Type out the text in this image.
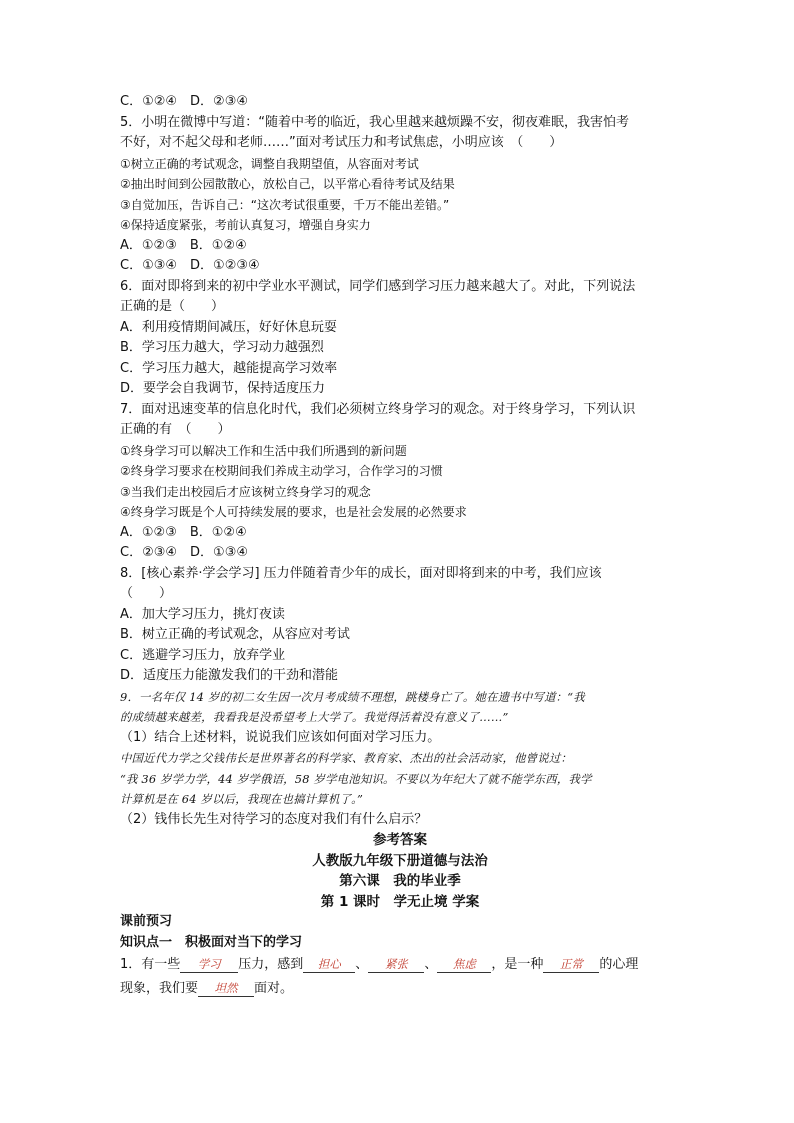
C．①②④　D．②③④
5．小明在微博中写道：“随着中考的临近，我心里越来越烦躁不安，彻夜难眠，我害怕考
不好，对不起父母和老师……”面对考试压力和考试焦虑，小明应该　（　　）
①树立正确的考试观念，调整自我期望值，从容面对考试
②抽出时间到公园散散心，放松自己，以平常心看待考试及结果
③自觉加压，告诉自己：“这次考试很重要，千万不能出差错。”
④保持适度紧张，考前认真复习，增强自身实力
A．①②③　B．①②④
C．①③④　D．①②③④
6．面对即将到来的初中学业水平测试，同学们感到学习压力越来越大了。对此，下列说法
正确的是（　　）
A．利用疫情期间减压，好好休息玩耍
B．学习压力越大，学习动力越强烈
C．学习压力越大，越能提高学习效率
D．要学会自我调节，保持适度压力
7．面对迅速变革的信息化时代，我们必须树立终身学习的观念。对于终身学习，下列认识
正确的有　（　　）
①终身学习可以解决工作和生活中我们所遇到的新问题
②终身学习要求在校期间我们养成主动学习，合作学习的习惯
③当我们走出校园后才应该树立终身学习的观念
④终身学习既是个人可持续发展的要求，也是社会发展的必然要求
A．①②③　B．①②④
C．②③④　D．①③④
8．[核心素养·学会学习] 压力伴随着青少年的成长，面对即将到来的中考，我们应该
（　　）
A．加大学习压力，挑灯夜读
B．树立正确的考试观念，从容应对考试
C．逃避学习压力，放弃学业
D．适度压力能激发我们的干劲和潜能
9．一名年仅 14 岁的初二女生因一次月考成绩不理想，跳楼身亡了。她在遗书中写道：“我
的成绩越来越差，我看我是没希望考上大学了。我觉得活着没有意义了……”
（1）结合上述材料，说说我们应该如何面对学习压力。
中国近代力学之父钱伟长是世界著名的科学家、教育家、杰出的社会活动家，他曾说过：
“我 36 岁学力学，44 岁学俄语，58 岁学电池知识。不要以为年纪大了就不能学东西，我学
计算机是在 64 岁以后，我现在也搞计算机了。”
（2）钱伟长先生对待学习的态度对我们有什么启示？
参考答案
人教版九年级下册道德与法治
第六课　我的毕业季
第 1 课时　学无止境 学案
课前预习
知识点一　积极面对当下的学习
1．有一些 学习 压力，感到 担心 、 紧张 、 焦虑 ，是一种 正常 的心理
现象，我们要 坦然 面对。
